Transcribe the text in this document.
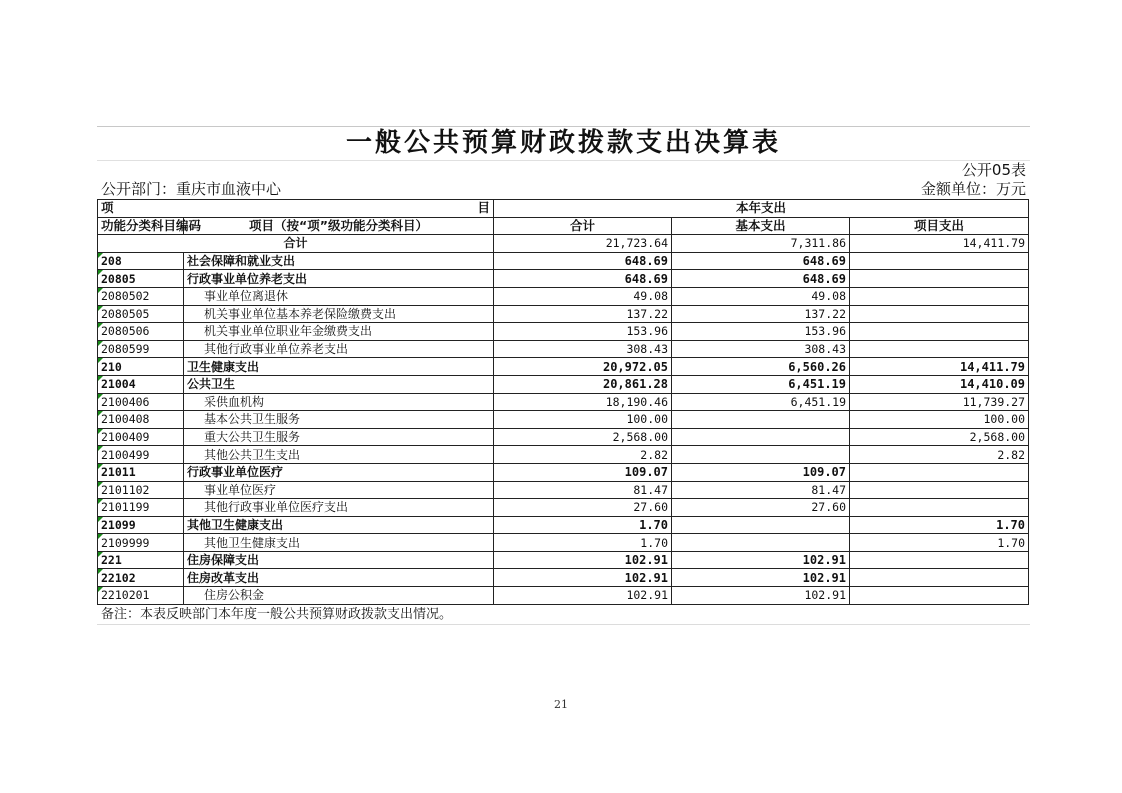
一般公共预算财政拨款支出决算表
公开05表
公开部门：重庆市血液中心	金额单位：万元
项 目		本年支出		
功能分类科目编码	项目（按“项”级功能分类科目）	合计	基本支出	项目支出
合计		21,723.64	7,311.86	14,411.79
208	社会保障和就业支出	648.69	648.69	
20805	行政事业单位养老支出	648.69	648.69	
2080502	事业单位离退休	49.08	49.08	
2080505	机关事业单位基本养老保险缴费支出	137.22	137.22	
2080506	机关事业单位职业年金缴费支出	153.96	153.96	
2080599	其他行政事业单位养老支出	308.43	308.43	
210	卫生健康支出	20,972.05	6,560.26	14,411.79
21004	公共卫生	20,861.28	6,451.19	14,410.09
2100406	采供血机构	18,190.46	6,451.19	11,739.27
2100408	基本公共卫生服务	100.00		100.00
2100409	重大公共卫生服务	2,568.00		2,568.00
2100499	其他公共卫生支出	2.82		2.82
21011	行政事业单位医疗	109.07	109.07	
2101102	事业单位医疗	81.47	81.47	
2101199	其他行政事业单位医疗支出	27.60	27.60	
21099	其他卫生健康支出	1.70		1.70
2109999	其他卫生健康支出	1.70		1.70
221	住房保障支出	102.91	102.91	
22102	住房改革支出	102.91	102.91	
2210201	住房公积金	102.91	102.91	
备注：本表反映部门本年度一般公共预算财政拨款支出情况。
21
